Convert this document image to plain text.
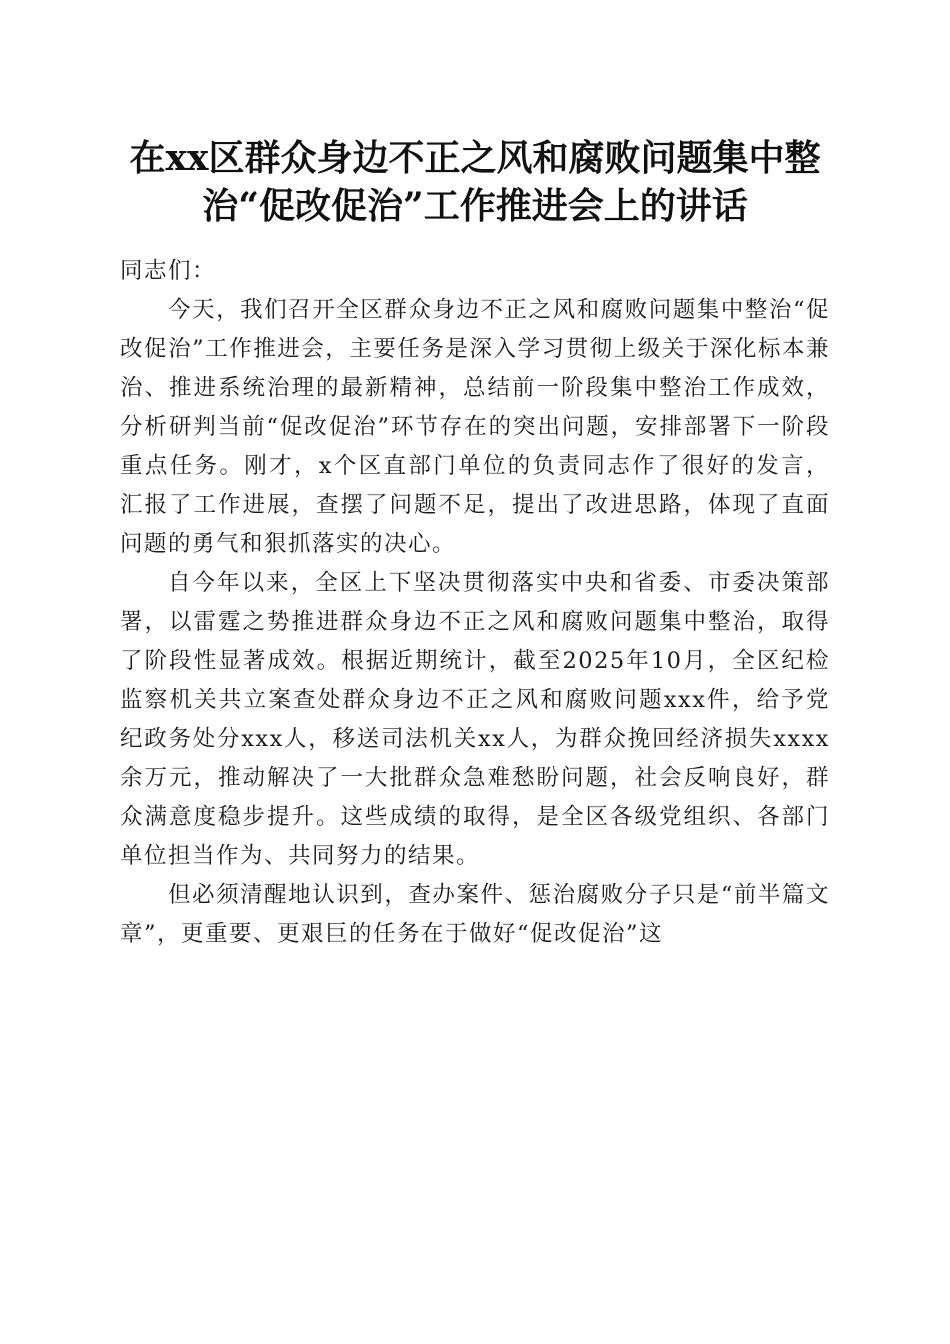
在xx区群众身边不正之风和腐败问题集中整
治“促改促治”工作推进会上的讲话

同志们：

今天，我们召开全区群众身边不正之风和腐败问题集中整治“促改促治”工作推进会，主要任务是深入学习贯彻上级关于深化标本兼治、推进系统治理的最新精神，总结前一阶段集中整治工作成效，分析研判当前“促改促治”环节存在的突出问题，安排部署下一阶段重点任务。刚才，x个区直部门单位的负责同志作了很好的发言，汇报了工作进展，查摆了问题不足，提出了改进思路，体现了直面问题的勇气和狠抓落实的决心。

自今年以来，全区上下坚决贯彻落实中央和省委、市委决策部署，以雷霆之势推进群众身边不正之风和腐败问题集中整治，取得了阶段性显著成效。根据近期统计，截至2025年10月，全区纪检监察机关共立案查处群众身边不正之风和腐败问题xxx件，给予党纪政务处分xxx人，移送司法机关xx人，为群众挽回经济损失xxxx余万元，推动解决了一大批群众急难愁盼问题，社会反响良好，群众满意度稳步提升。这些成绩的取得，是全区各级党组织、各部门单位担当作为、共同努力的结果。

但必须清醒地认识到，查办案件、惩治腐败分子只是“前半篇文章”，更重要、更艰巨的任务在于做好“促改促治”这
